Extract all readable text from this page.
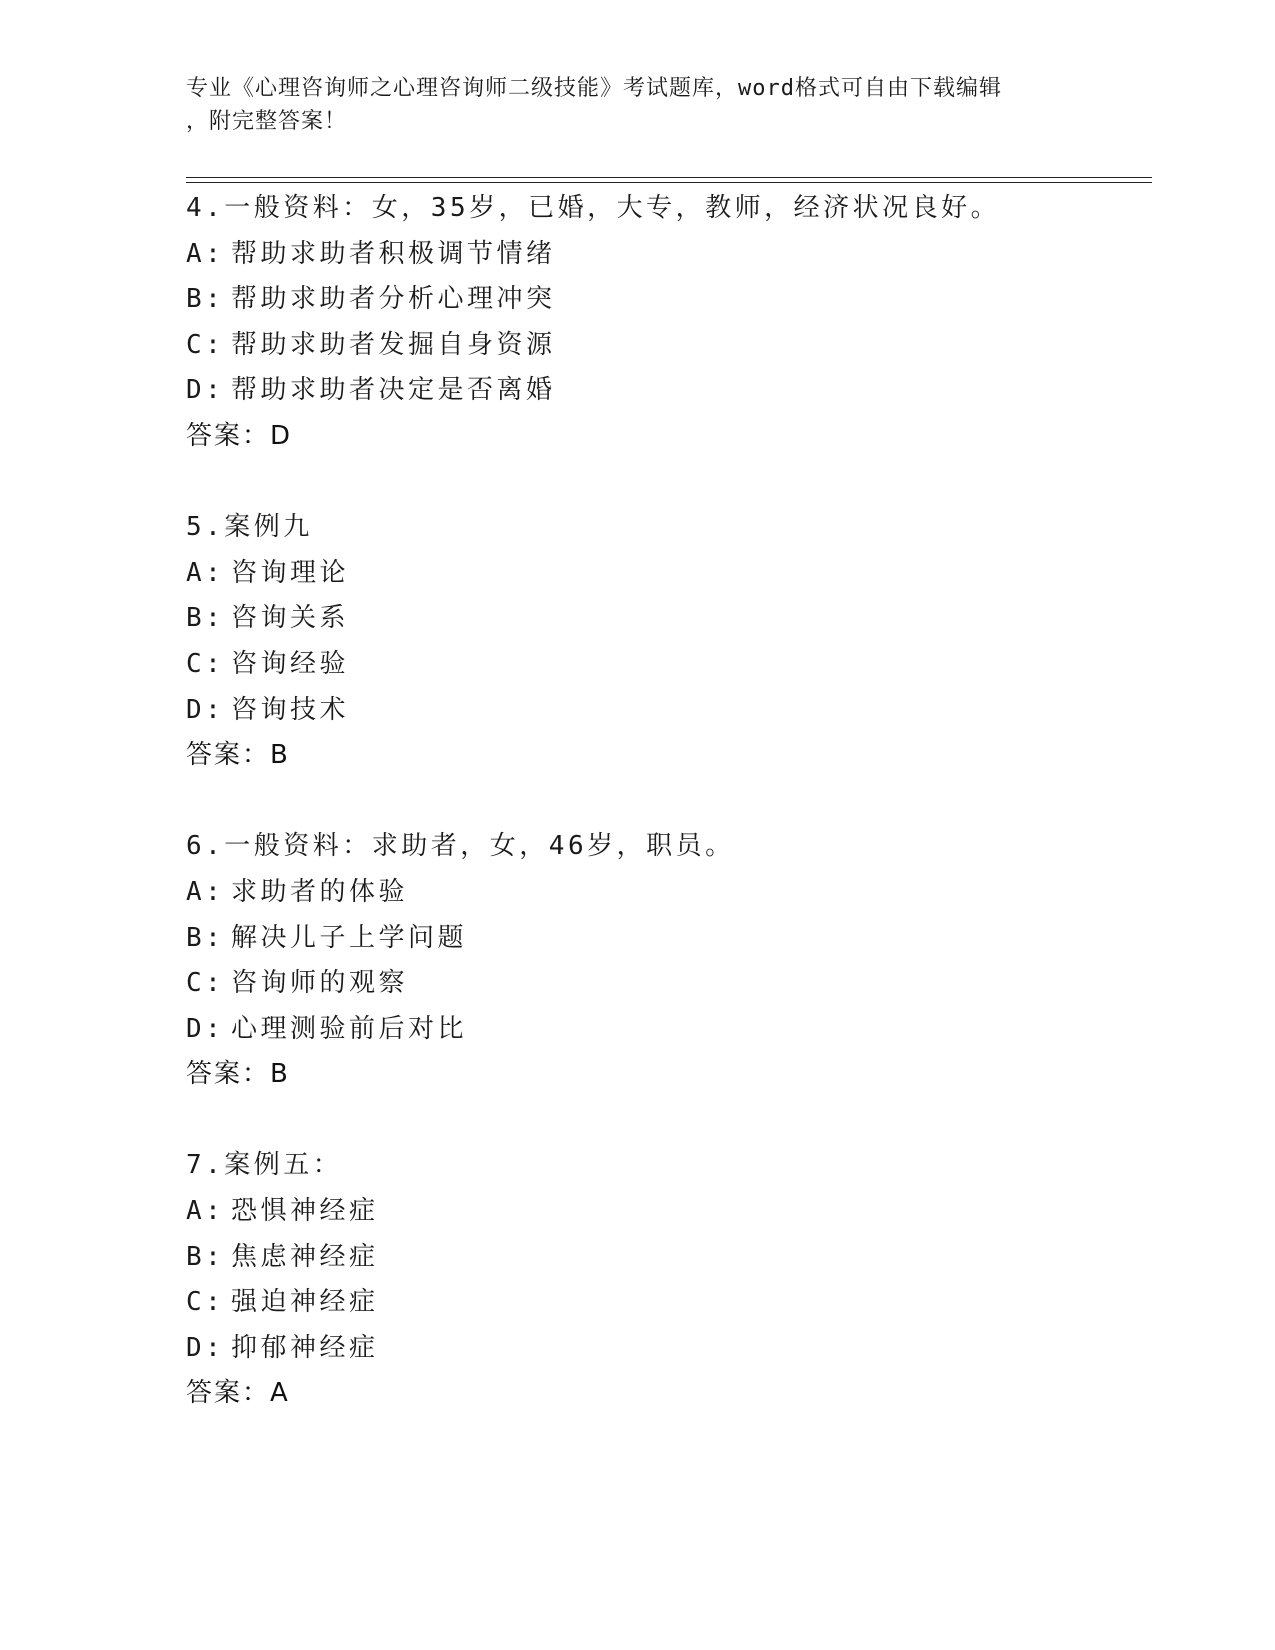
专业《心理咨询师之心理咨询师二级技能》考试题库，word格式可自由下载编辑
，附完整答案！
4.一般资料：女，35岁，已婚，大专，教师，经济状况良好。
A: 帮助求助者积极调节情绪
B: 帮助求助者分析心理冲突
C: 帮助求助者发掘自身资源
D: 帮助求助者决定是否离婚
答案：D
5.案例九
A: 咨询理论
B: 咨询关系
C: 咨询经验
D: 咨询技术
答案：B
6.一般资料：求助者，女，46岁，职员。
A: 求助者的体验
B: 解决儿子上学问题
C: 咨询师的观察
D: 心理测验前后对比
答案：B
7.案例五：
A: 恐惧神经症
B: 焦虑神经症
C: 强迫神经症
D: 抑郁神经症
答案：A
